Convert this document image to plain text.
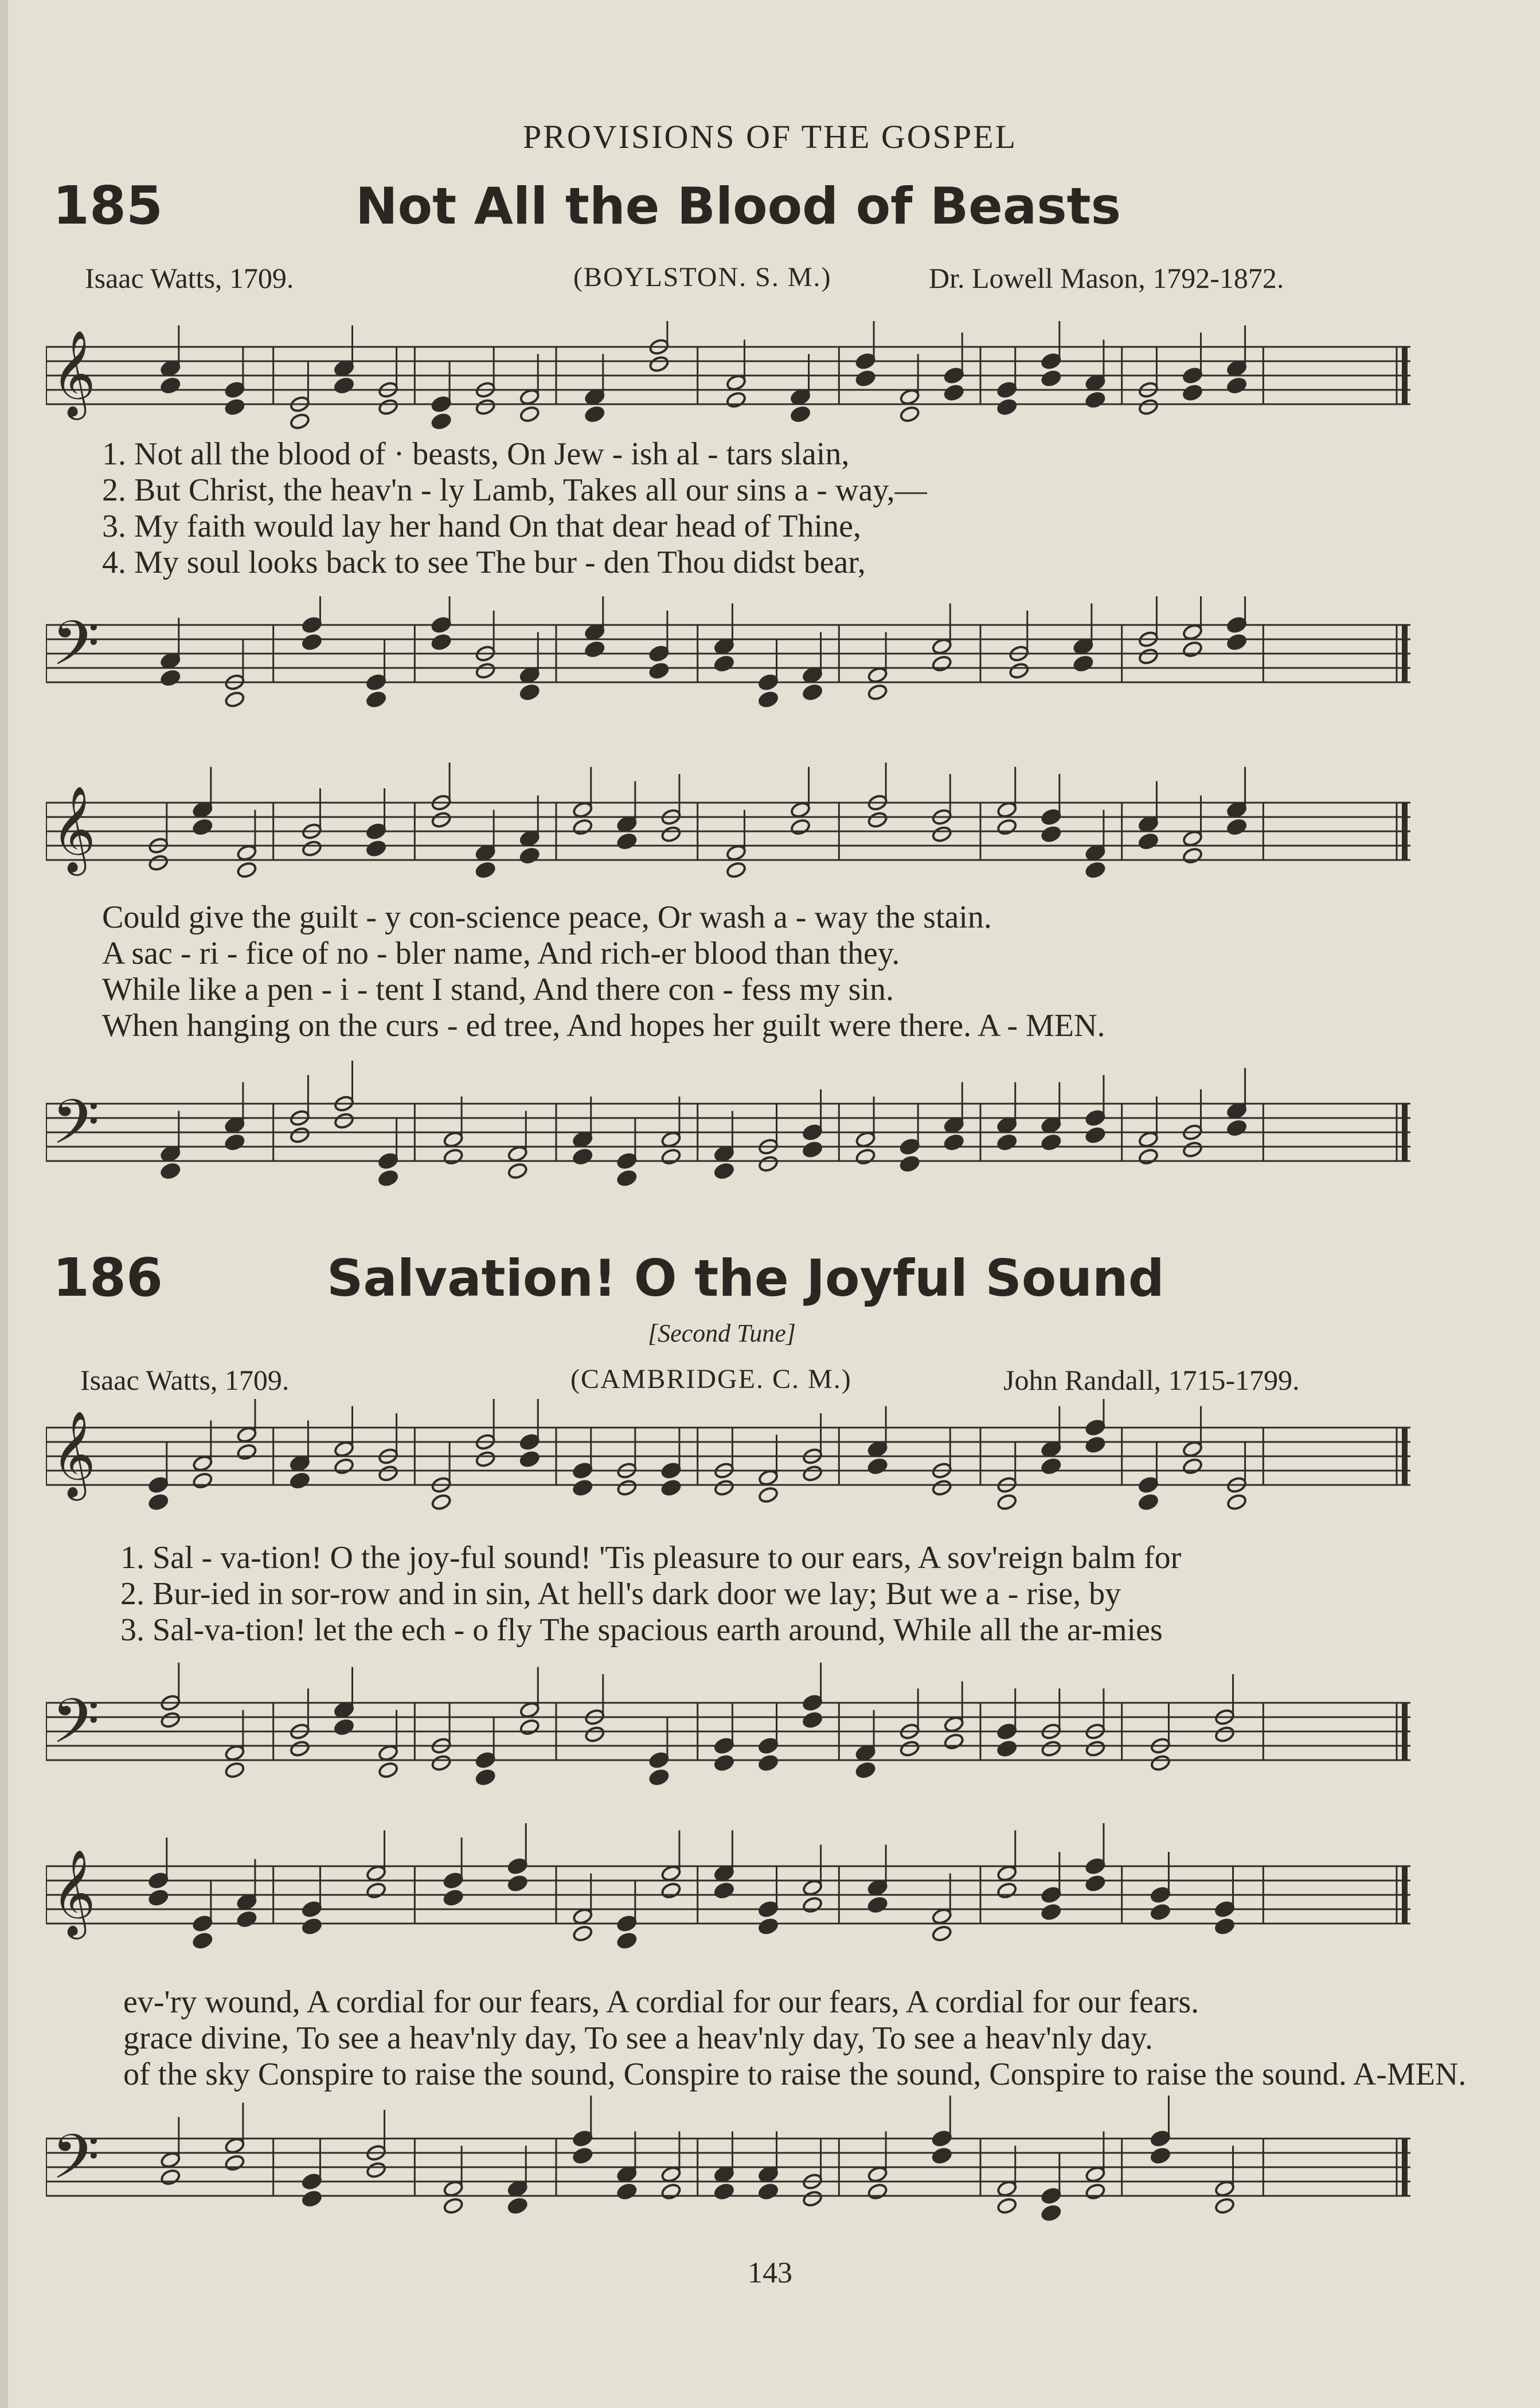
PROVISIONS OF THE GOSPEL
185	Not All the Blood of Beasts
Isaac Watts, 1709.	(BOYLSTON. S. M.)	Dr. Lowell Mason, 1792-1872.
𝄞
1. Not all the blood of · beasts, On Jew - ish al - tars slain,
2. But Christ, the heav'n - ly Lamb, Takes all our sins a - way,—
3. My faith would lay her hand On that dear head of Thine,
4. My soul looks back to see The bur - den Thou didst bear,
𝄢
𝄞
Could give the guilt - y con-science peace, Or wash a - way the stain.
A sac - ri - fice of no - bler name, And rich-er blood than they.
While like a pen - i - tent I stand, And there con - fess my sin.
When hanging on the curs - ed tree, And hopes her guilt were there. A - MEN.
𝄢
186	Salvation! O the Joyful Sound
[Second Tune]
Isaac Watts, 1709.	(CAMBRIDGE. C. M.)	John Randall, 1715-1799.
𝄞
1. Sal - va-tion! O the joy-ful sound! 'Tis pleasure to our ears, A sov'reign balm for
2. Bur-ied in sor-row and in sin, At hell's dark door we lay; But we a - rise, by
3. Sal-va-tion! let the ech - o fly The spacious earth around, While all the ar-mies
𝄢
𝄞
ev-'ry wound, A cordial for our fears, A cordial for our fears, A cordial for our fears.
grace divine, To see a heav'nly day, To see a heav'nly day, To see a heav'nly day.
of the sky Conspire to raise the sound, Conspire to raise the sound, Conspire to raise the sound. A-MEN.
𝄢
143
